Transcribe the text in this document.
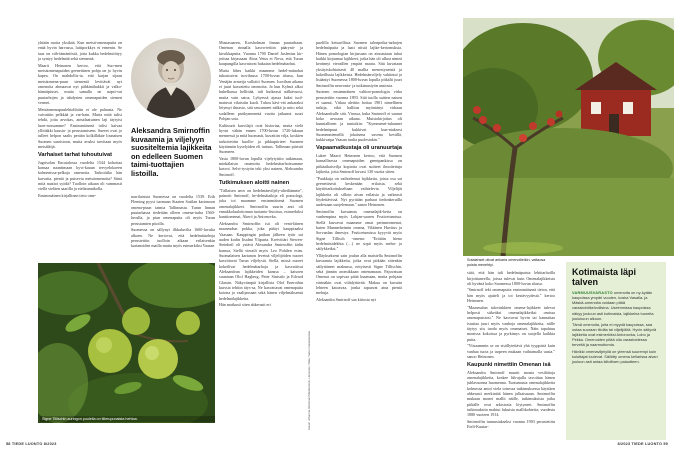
yhtään ruotta yksikää. Kun metsä-omenapuita on enää hyvin harvassa, luttiporkkys ei ennenin. Se taas on väh-tämäntöstä, jotta kukka hedelmöittyy ja syntyy hedelmää sekä siemeniä.

Maarit Heinonen kertoo, että Suo-men metsäomenapuiden geenettinen pohja on jo hyvin kapea. On mahdollis-ta, että karjan sijaan metsäomena-puun siemeniä levittävät nyt omenoita ahmaavat nyt pähkinähakkii ja valko-hämätpiuset, mutta samalla ne napsi-vat puutarhojen ja tahdysten omenapuiden siemen vermet.

Metsäomenapuulehtolihtiin ei ole palausta. Ne vaivattiin pelkkää ja var-hain. Mutta mitä tulisi tehdä, jotta arvokas, ainutlaatuinen laji täytyisi luon-nossamme? Ensimmäisenä tulisi kaivaa yllittäkki kausta- ja perustamiseen. Sueeet ovat jo tulleet helpon saalis perään kolkilläkäe lounaisen Suomen saaristoon, mutta avuksi tarvitaan myös metsäläijä.

Varhaiset tarhat tuhoutuivat

Jugrisolan Encatalossa vuodelta 1544 kohottaa kansaa naantimaan kyvi-kauan tervyelokoeen kolmenissa-pelkoja omenoita. Tarkoittiko hän karvaita, pieniä ja puisevia metsäomenoita? Siinä mitä naatiot syödä? Tuolloin aikaan oli vammasti viellä vieläen saarilla ja etelärannikolla.

Ensimmäinen kirjallinen tieto ome-

Aleksandra Smirnoffin kuvaamia ja viljelyyn suositeltemia lajikkeita on edelleen Suomen taimi-tuottajien listoilla.

narrilaisista Suomessa on vuodelta 1539. Erik Fleming pyysi tuomaan Staaten Suitlan kartanoon omena-puun taimia Tallinnasta. Turun linnan puutarhassa tiedetään olleen omena-tarha 1560-luvulla, ja pian omenapuita oli myös Turun perustamien pitoilla.

Suomessa on sällynyt ilkkaluvilta 1600-luvulta alkaen. Ne kertovat, että hedelmätarhoja perustettiin tuolloin aikaan erilaisenkin kartanoiden mailla mutta myös esimerkiksi Vaasan

Signe Tillischin auringon puolella on tillerupunaista hehtoa.

Mustasaaren, Korsholman linnan puutarhaan. Omenan rinnalla kasva-tettiin päärynä- ja kirsikkapuita. Vuonna 1700 Daniel Juslenius kir-joittaa kirjassaan Aboa Vetus et Nova, että Turun kaupungilla kasvatavat hukaian hedelmätarhat.

Mutta lähes kaikki maamme hedel-mätarhat tuhoutuivat isovihassa 1700-luvun alussa, kun Venäjän armeija valloitti Suomen. Isovihan aikana ei juuri kasvatettu omenoita. Ja kun Kylmä alkoi hubelkassa hellittää, tuli huikeasti nälkävuosi, mutta vain satoa. Lyhyessä ajassa kaksi tuol-matuvat vilaistiin kuoli. Tuhoa kävi-vät ankaraksi lötymyt ilmasto, sitä seuranneet nälkä ja rutto sekä sodalleen parikymmentä vuotta jatkunut suuri Pohjan sota.

Kulttuurit kasvilajit ovat historiaa, mutta vielä hyvin vähän ennen 1700-luvun 1720-lukuun mennessä ja mitä huomasti, kuvattiin vilja, koskien tarkoitettiin kuollu- ja pikkupiirteet Suomen käytännön kyselyiden eli tuttuus. Tallinnan piiristä Suomeen.

Vasta 1800-luvun lopulla vijelytyttiin tutkimaan, minkälaisia omenoita hedelmätarhoissamme kasvoi. Selvi-tystyön teki yksi nainen, Aleksandra Smirnoff.

Tutkimuksen aloitti nainen

"Tällaisen aeos on hedelmänviljely-alteiltämme", painotti Smirnoff, he-delmätaikija eli pomologi, joka toi maamme ensimmäisenä Suomen omenalajikkeet. Smirnoffin suurin anti oli ennakkoluulottoman tuotanto-listoissa, esimerkiksi kanttiomenat, Åkerö ja Antonovka.

Aleksandra Smirnoffin isä oli venä-läinen maaseudun pokka, joka päätyi kauppiaaksi Vaasaan. Kauppingin paikan jälkeen tytär sai uuden kodin Iisalmi Ylipurta. Kreivittäri Stewen-Steinheil oli ystävä Alexandra Smirnoffin äidin kanssa, Siellä vieraili myös Leo Pohilen esim. Suomalaisen kartanon leveinä viljelijöiden nuoret kasvittavat Turun viljelystä. Siellä, missä nuoret kokeilivat hedelmätarhoja ja kasvattivat Aleksandran lajikkeiden kanssa – katsoen suuntaan Olof Hagberg, Peter Sinisalo ja Edvard Glassin. Näkyvämpiä kirjallisia Olof Enerothin kurssia tehtiin täys-sa, Ne kasvattavat omenapuita kotona ja vaalijassaan sekä hänen viljelmäksensä hedelmälajikkeita.

Hän matkusti siten ahkerasti eri

Kuvat: Johanna Westman/Shutterstock, Heinonen, Oulu, Turun museokeskus

puolilla keisarillista Suomen talonpoika-tarhojen hedelmäpuita ja laati niistä lajike-kertomuksia. Hänen pomologian kirjassaan on ainoastaan tuhat kaikki kirjaamat lajikkeet, jotka hän oli ulkoa nimeä kerännyt vieraillen ympäri maata. Sitä kuvataan yksityiskohtaisesti 40 mallia menestyneistä ja kokeillusta lajikkeista. Hedelmänviljely vakiintui ja lisääntyi Suomessa 1800-luvun lopulla pitkälti juuri Smirnoffin neuvonta- ja tutkimustyön ansiosta.

Suomen ensimmäinen valtion-pomologin virka perustettiin vuonna 1893. Sitä tuolla suitten naisen ei saanut. Virkaa alettiin hoitaa 1901 nimellinen tutkija, eikä hallitus myöntänyt virkaan Aleksandralle sitä. Virassa, kuka Smirnoff ei saanut koko arvoaan aikana. Muistokirjoitus oli kunniallinen ja tuntuikin: "Kymmenet-tuhannet hedelmäpuut kukkivat kun-niaksesi Suomenniemellä jokaisena suvena kevällä, kukkivatpa Vaasan tuulia puolestakin."

Vapaamatkustaja oli uranuurtaja

Lukee Maarit Heinonen kertoo, että Suomen kansallisessa omenapuiden geenipankissa on pitkäaikaisvilja kopioita ovat suitteet ilmoitettuja lajiketta, joita Smirnoff kuvasi 130 vuotta sitten.

"Paukkuja on vaihtelemut lajikkeita, joista osa sai geenettisesti keskenään erilaisia, sekä käyttötarkoitukseltaan vaihtelevia. Viljelijät lajikkeita oli silloin aivan erilaisia ja vaikeasti löydettävissä. Nyt pyritään parhaat tiedonkeruilla uudestaan suojelemaan." sanoo Heinonen.

Smirnoffin kuvaamia omenalajik-keita on vanhempina myös Lohjan-saaren Fruticetumissa. Siellä kasvavat maamme omat perinneomenat, kuten Mannerheimin omena, Viläänen Huvitus ja Sorvanlan ilmestys. Fruticetumissa kyyyvät myös Signe Tillisch -omena: "Erittäin hieno hedelmäsidekhta (…) ne sopii myös mehu- ja säilykkeiksi."

Ylläyksekseni sain joulun alla maistella Smirnoffin kuvaamia lajikkeita, jotka ovat pitkään sittenkin säilyttäneet makunsa, erityisesti Signe Tillischin, sekä jännän aromikkaan omenamaan. Pajuvatsan Omenat on sopivaa pitää kuumaan, mutta pohjaan värinäkin ovat viihdyttävää. Makua on kuvattu lehteen katoavaa, jonka tapaavat aina pieniä mehuja.

Aleksandra Smirnoff saa kiitosta nyt

Sotalahset olivat ankaria omenoilleikin, valtaosa puista menehtyi.

siitä, että hän tuli hedelmäpuista lehtitarhoilla kirjoittaneella, joissa tulevat kuin Omenalajikkeista oli hyvänä koko Suomessa 1800-luvun alussa.

"Smirnoff teki omenapuita ensimmäisenä tietoa, että hän myös ajatteli ja toi kestävyydestä." kertoo Heinonen.

"Maaseudun talovinkkien omena-lajikkeet tulevat helposti sitkeäksi omenalajikkeiksi omissa omenapuistosi." Ne kasvavat hyvin tai kannattaa istuttaa juuri myös vanhoja omenalajikkeita, niille täytyy siis tuoda myös omenaiset. Näin tapahtuu monissa kokoissa ja pyrkimys on suojella kaikkia puita.

"Viisaammin se on sisällytettävä yhä tyyppistä kuin vanhaa tuota ja tarpeen mukaan vaihtamalla uusia." sanoo Heinonen.

Kaupunki nimettiin Omenan isä

Aleksandra Smirnoff muutti monia vesiläitoja omenalajikkeita, koskee läh-ajalla tavoittaa hänen juhlavuonna huomenna. Tuntumusta omenalajikkeita kolmessa antoi viela toisessa tutkimuksessa käyttäen ahkerasti merkintää hänen julkaisuaan. Smirnoffin mukaan monet mallit näille, tutkimuksista jotka pitkälle ovat arkistosta löytyneet. Smirnoffin tutkimuksiin mahtui lukuisia mallikohteita; vuodesta 1880 vuoteen 1914.

Smirnoffin tunnustukseksi vuonna 1903 perustettiin Eteli-Kuutar-

Kotimaista läpi talven

VARMUUSVARASTO omenoita on ny-kyään kaupoissa ympäri vuoden, koska Vasalla- ja Mäskä-omenoita voidaan pitää varastointikelvollisina. Useimmissa kaupoissa näkyy jouluun asti kotimaisia, lajikkeina tuoreita joulukuun alkuun.

Tämä omenoita, joita ei myydä kaupoissa, saa ostaa suoraan tiloilta tai viljelijöiltä. Hyvin säilyviä lajikkeita ovat esimerkiksi Antonovka, Lobo ja Pekka. Omenoiden pitää olla varastoidessa terveitä ja naarmuttomia.

Hävikki omenaviljelyllä on yleensä suurempi kuin kuluttajat luulevat. Säilötty omena kellarissa aivan jouluun asti antaa kiitollisen palautteen.

58 TIEDE LUONTO 8/2023	8/2023 TIEDE LUONTO 59
